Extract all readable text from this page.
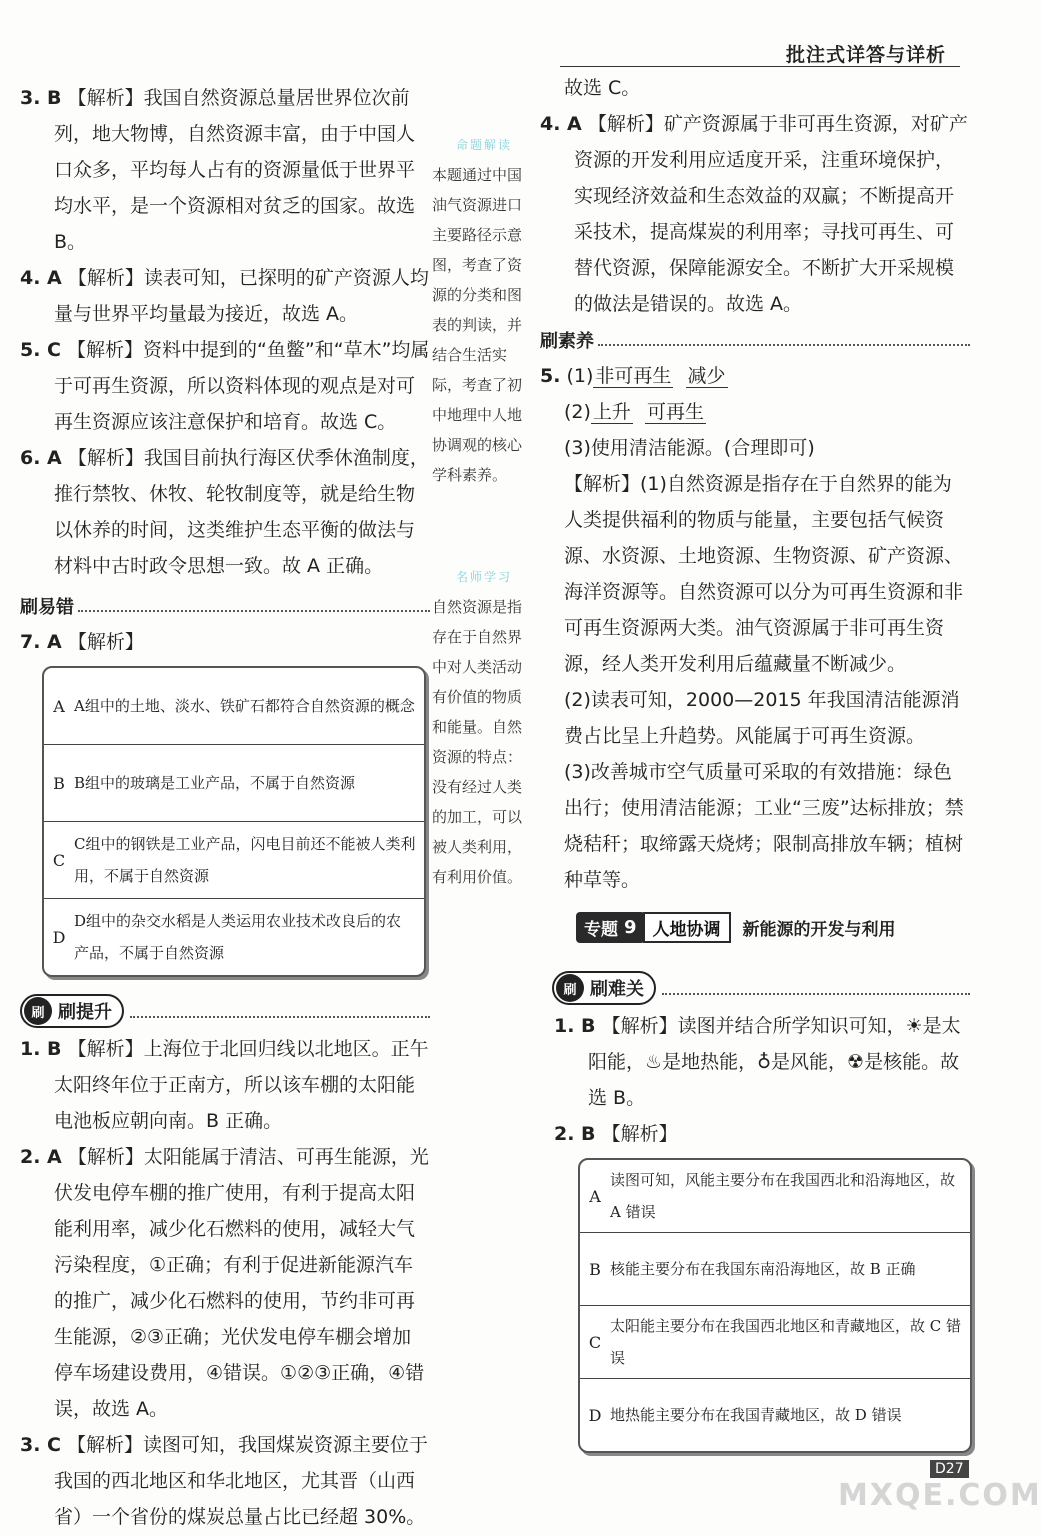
批注式详答与详析

3. B 【解析】我国自然资源总量居世界位次前列，地大物博，自然资源丰富，由于中国人口众多，平均每人占有的资源量低于世界平均水平，是一个资源相对贫乏的国家。故选 B。

4. A 【解析】读表可知，已探明的矿产资源人均量与世界平均量最为接近，故选 A。

5. C 【解析】资料中提到的“鱼鳖”和“草木”均属于可再生资源，所以资料体现的观点是对可再生资源应该注意保护和培育。故选 C。

6. A 【解析】我国目前执行海区伏季休渔制度，推行禁牧、休牧、轮牧制度等，就是给生物以休养的时间，这类维护生态平衡的做法与材料中古时政令思想一致。故 A 正确。

刷易错

7. A 【解析】

A A组中的土地、淡水、铁矿石都符合自然资源的概念
B B组中的玻璃是工业产品，不属于自然资源
C
C组中的钢铁是工业产品，闪电目前还不能被人类利用，不属于自然资源
D
D组中的杂交水稻是人类运用农业技术改良后的农产品，不属于自然资源
刷 刷提升

1. B 【解析】上海位于北回归线以北地区。正午太阳终年位于正南方，所以该车棚的太阳能电池板应朝向南。B 正确。

2. A 【解析】太阳能属于清洁、可再生能源，光伏发电停车棚的推广使用，有利于提高太阳能利用率，减少化石燃料的使用，减轻大气污染程度，①正确；有利于促进新能源汽车的推广，减少化石燃料的使用，节约非可再生能源，②③正确；光伏发电停车棚会增加停车场建设费用，④错误。①②③正确，④错误，故选 A。

3. C 【解析】读图可知，我国煤炭资源主要位于我国的西北地区和华北地区，尤其晋（山西省）一个省份的煤炭总量占比已经超 30%。

命题解读
本题通过中国油气资源进口主要路径示意图，考查了资源的分类和图表的判读，并结合生活实际，考查了初中地理中人地协调观的核心学科素养。
名师学习
自然资源是指存在于自然界中对人类活动有价值的物质和能量。自然资源的特点：没有经过人类的加工，可以被人类利用，有利用价值。

故选 C。

4. A 【解析】矿产资源属于非可再生资源，对矿产资源的开发利用应适度开采，注重环境保护，实现经济效益和生态效益的双赢；不断提高开采技术，提高煤炭的利用率；寻找可再生、可替代资源，保障能源安全。不断扩大开采规模的做法是错误的。故选 A。

刷素养

5. (1) 非可再生 减少

(2) 上升 可再生

(3)使用清洁能源。(合理即可)

【解析】(1)自然资源是指存在于自然界的能为人类提供福利的物质与能量，主要包括气候资源、水资源、土地资源、生物资源、矿产资源、海洋资源等。自然资源可以分为可再生资源和非可再生资源两大类。油气资源属于非可再生资源，经人类开发利用后蕴藏量不断减少。

(2)读表可知，2000—2015 年我国清洁能源消费占比呈上升趋势。风能属于可再生资源。

(3)改善城市空气质量可采取的有效措施：绿色出行；使用清洁能源；工业“三废”达标排放；禁烧秸秆；取缔露天烧烤；限制高排放车辆；植树种草等。

专题 9 人地协调	新能源的开发与利用
刷 刷难关

1. B 【解析】读图并结合所学知识可知，☀是太阳能，♨是地热能，♁是风能，☢是核能。故选 B。

2. B 【解析】

A
读图可知，风能主要分布在我国西北和沿海地区，故 A 错误
B 核能主要分布在我国东南沿海地区，故 B 正确
C
太阳能主要分布在我国西北地区和青藏地区，故 C 错误
D 地热能主要分布在我国青藏地区，故 D 错误
D27
MXQE.COM
